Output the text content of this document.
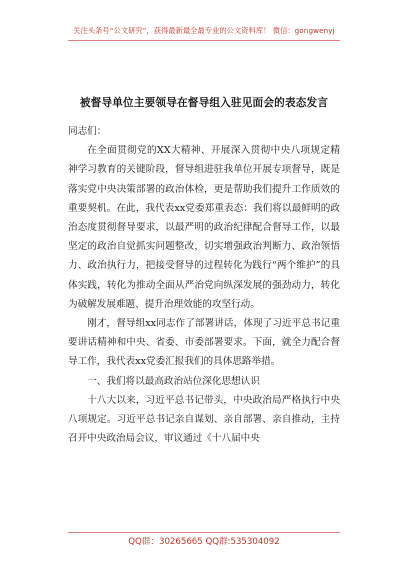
关注头条号“公文研究”，获得最新最全最专业的公文资料库！ 微信：gongwenyj
被督导单位主要领导在督导组入驻见面会的表态发言

同志们：

在全面贯彻党的XX大精神、开展深入贯彻中央八项规定精神学习教育的关键阶段，督导组进驻我单位开展专项督导，既是落实党中央决策部署的政治体检，更是帮助我们提升工作质效的重要契机。在此，我代表xx党委郑重表态：我们将以最鲜明的政治态度贯彻督导要求，以最严明的政治纪律配合督导工作，以最坚定的政治自觉抓实问题整改，切实增强政治判断力、政治领悟力、政治执行力，把接受督导的过程转化为践行“两个维护”的具体实践，转化为推动全面从严治党向纵深发展的强劲动力，转化为破解发展难题、提升治理效能的攻坚行动。

刚才，督导组xx同志作了部署讲话，体现了习近平总书记重要讲话精神和中央、省委、市委部署要求。下面，就全力配合督导工作，我代表xx党委汇报我们的具体思路举措。

一、我们将以最高政治站位深化思想认识

十八大以来，习近平总书记带头，中央政治局严格执行中央八项规定。习近平总书记亲自谋划、亲自部署、亲自推动，主持召开中央政治局会议，审议通过《十八届中央

QQ群：30265665 QQ群:535304092
